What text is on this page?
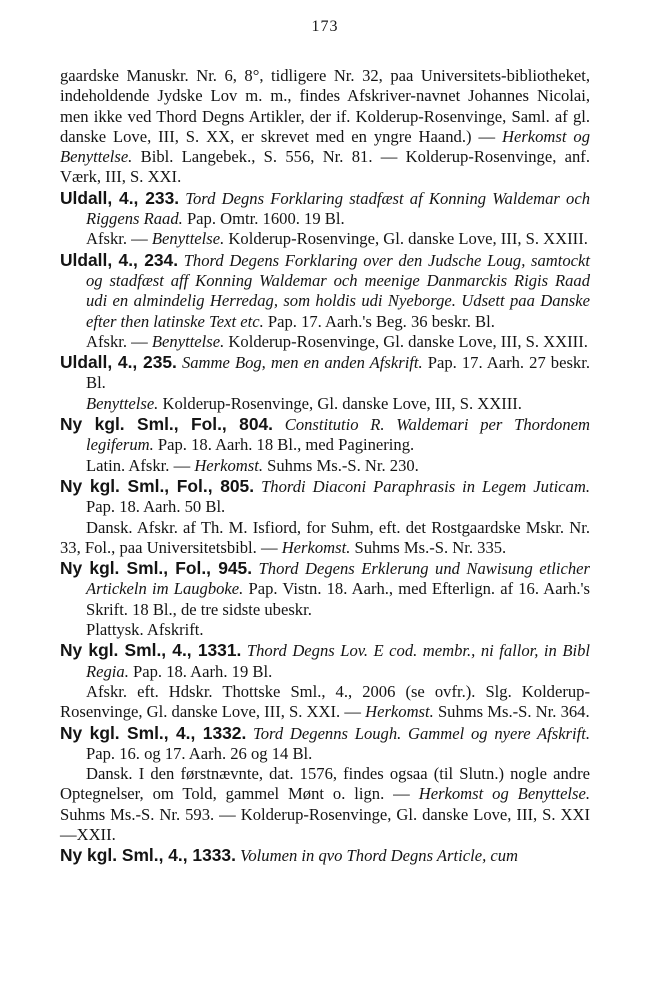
173

gaardske Manuskr. Nr. 6, 8°, tidligere Nr. 32, paa Universitets-bibliotheket, indeholdende Jydske Lov m. m., findes Afskriver-navnet Johannes Nicolai, men ikke ved Thord Degns Artikler, der if. Kolderup-Rosenvinge, Saml. af gl. danske Love, III, S. XX, er skrevet med en yngre Haand.) — Herkomst og Benyttelse. Bibl. Langebek., S. 556, Nr. 81. — Kolderup-Rosenvinge, anf. Værk, III, S. XXI.

Uldall, 4., 233. Tord Degns Forklaring stadfæst af Konning Waldemar och Riggens Raad. Pap. Omtr. 1600. 19 Bl.

Afskr. — Benyttelse. Kolderup-Rosenvinge, Gl. danske Love, III, S. XXIII.

Uldall, 4., 234. Thord Degens Forklaring over den Judsche Loug, samtockt og stadfæst aff Konning Waldemar och meenige Danmarckis Rigis Raad udi en almindelig Herredag, som holdis udi Nyeborge. Udsett paa Danske efter then latinske Text etc. Pap. 17. Aarh.'s Beg. 36 beskr. Bl.

Afskr. — Benyttelse. Kolderup-Rosenvinge, Gl. danske Love, III, S. XXIII.

Uldall, 4., 235. Samme Bog, men en anden Afskrift. Pap. 17. Aarh. 27 beskr. Bl.

Benyttelse. Kolderup-Rosenvinge, Gl. danske Love, III, S. XXIII.

Ny kgl. Sml., Fol., 804. Constitutio R. Waldemari per Thordonem legiferum. Pap. 18. Aarh. 18 Bl., med Paginering.

Latin. Afskr. — Herkomst. Suhms Ms.-S. Nr. 230.

Ny kgl. Sml., Fol., 805. Thordi Diaconi Paraphrasis in Legem Juticam. Pap. 18. Aarh. 50 Bl.

Dansk. Afskr. af Th. M. Isfiord, for Suhm, eft. det Rostgaardske Mskr. Nr. 33, Fol., paa Universitetsbibl. — Herkomst. Suhms Ms.-S. Nr. 335.

Ny kgl. Sml., Fol., 945. Thord Degens Erklerung und Nawisung etlicher Artickeln im Laugboke. Pap. Vistn. 18. Aarh., med Efterlign. af 16. Aarh.'s Skrift. 18 Bl., de tre sidste ubeskr.

Plattysk. Afskrift.

Ny kgl. Sml., 4., 1331. Thord Degns Lov. E cod. membr., ni fallor, in Bibl Regia. Pap. 18. Aarh. 19 Bl.

Afskr. eft. Hdskr. Thottske Sml., 4., 2006 (se ovfr.). Slg. Kolderup-Rosenvinge, Gl. danske Love, III, S. XXI. — Herkomst. Suhms Ms.-S. Nr. 364.

Ny kgl. Sml., 4., 1332. Tord Degenns Lough. Gammel og nyere Afskrift. Pap. 16. og 17. Aarh. 26 og 14 Bl.

Dansk. I den førstnævnte, dat. 1576, findes ogsaa (til Slutn.) nogle andre Optegnelser, om Told, gammel Mønt o. lign. — Herkomst og Benyttelse. Suhms Ms.-S. Nr. 593. — Kolderup-Rosenvinge, Gl. danske Love, III, S. XXI—XXII.

Ny kgl. Sml., 4., 1333. Volumen in qvo Thord Degns Article, cum
